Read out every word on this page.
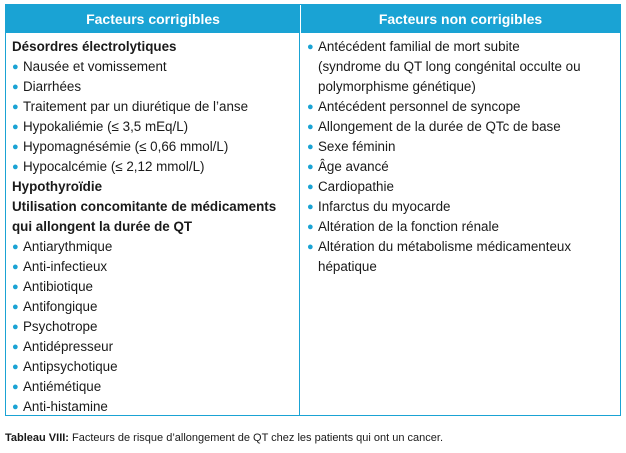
Facteurs corrigibles	Facteurs non corrigibles
Désordres électrolytiques
● Nausée et vomissement
● Diarrhées
● Traitement par un diurétique de l’anse
● Hypokaliémie (≤ 3,5 mEq/L)
● Hypomagnésémie (≤ 0,66 mmol/L)
● Hypocalcémie (≤ 2,12 mmol/L)
Hypothyroïdie
Utilisation concomitante de médicaments
qui allongent la durée de QT
● Antiarythmique
● Anti-infectieux
● Antibiotique
● Antifongique
● Psychotrope
● Antidépresseur
● Antipsychotique
● Antiémétique
● Anti-histamine
● Antécédent familial de mort subite
(syndrome du QT long congénital occulte ou
polymorphisme génétique)
● Antécédent personnel de syncope
● Allongement de la durée de QTc de base
● Sexe féminin
● Âge avancé
● Cardiopathie
● Infarctus du myocarde
● Altération de la fonction rénale
● Altération du métabolisme médicamenteux
hépatique
Tableau VIII: Facteurs de risque d’allongement de QT chez les patients qui ont un cancer.
